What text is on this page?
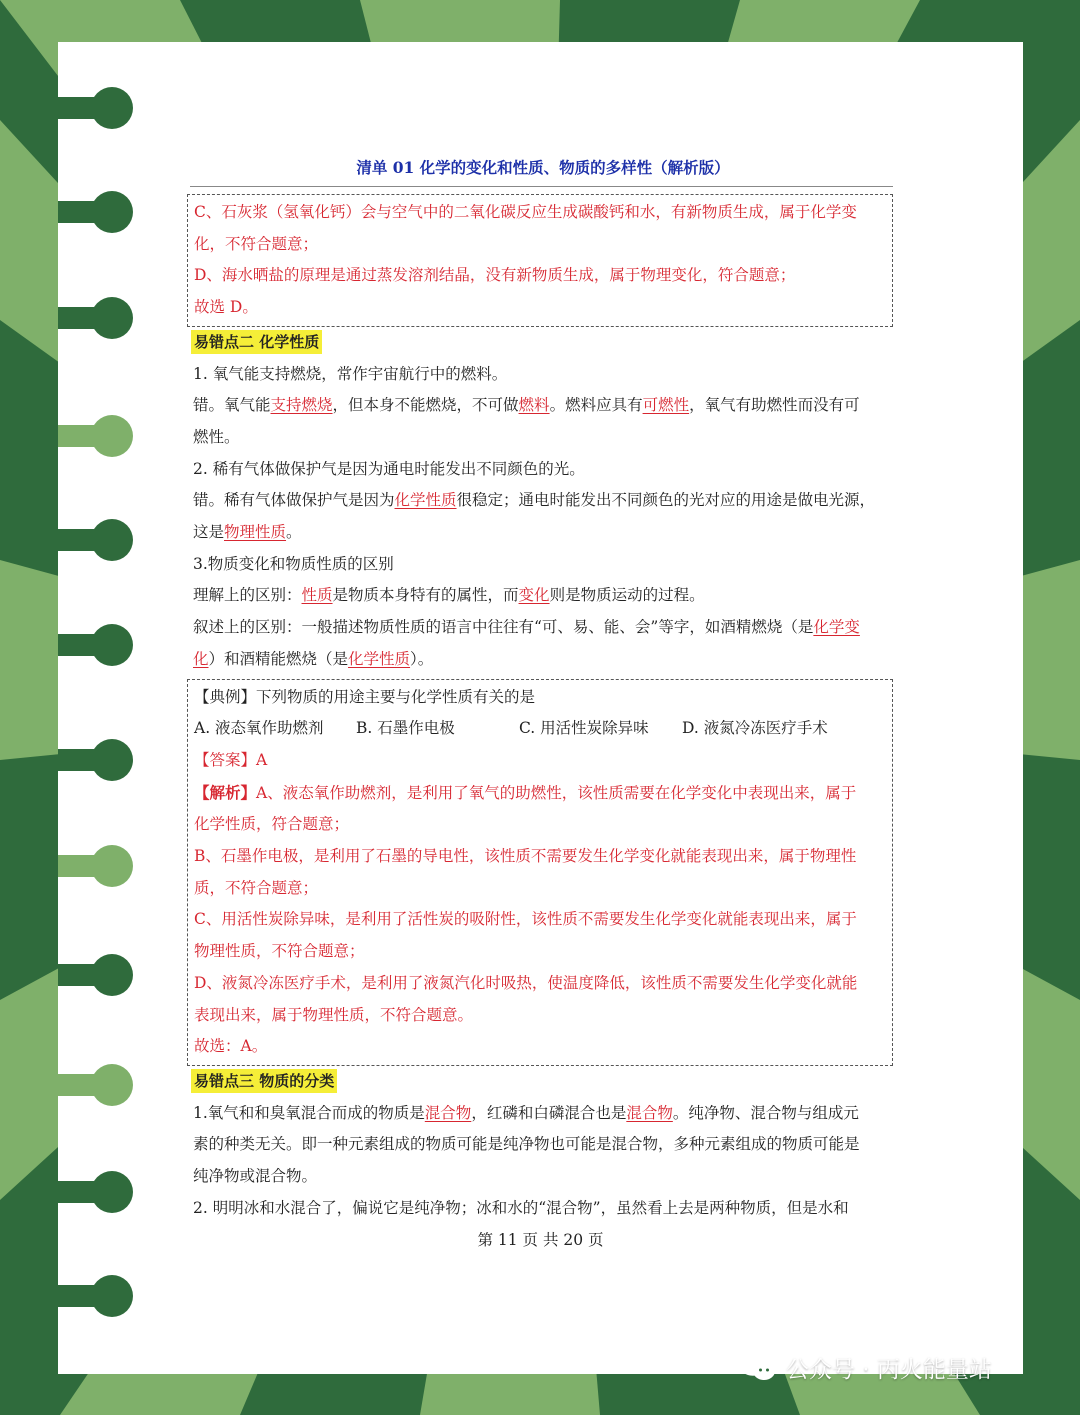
清单 01 化学的变化和性质、物质的多样性（解析版）

C、石灰浆（氢氧化钙）会与空气中的二氧化碳反应生成碳酸钙和水，有新物质生成，属于化学变

化，不符合题意；

D、海水晒盐的原理是通过蒸发溶剂结晶，没有新物质生成，属于物理变化，符合题意；

故选 D。

易错点二 化学性质

1. 氧气能支持燃烧，常作宇宙航行中的燃料。

错。氧气能支持燃烧，但本身不能燃烧，不可做燃料。燃料应具有可燃性，氧气有助燃性而没有可

燃性。

2. 稀有气体做保护气是因为通电时能发出不同颜色的光。

错。稀有气体做保护气是因为化学性质很稳定；通电时能发出不同颜色的光对应的用途是做电光源，

这是物理性质。

3.物质变化和物质性质的区别

理解上的区别：性质是物质本身特有的属性，而变化则是物质运动的过程。

叙述上的区别：一般描述物质性质的语言中往往有“可、易、能、会”等字，如酒精燃烧（是化学变

化）和酒精能燃烧（是化学性质）。

【典例】下列物质的用途主要与化学性质有关的是

A. 液态氧作助燃剂 B. 石墨作电极	C. 用活性炭除异味 D. 液氮冷冻医疗手术

【答案】A

【解析】A、液态氧作助燃剂，是利用了氧气的助燃性，该性质需要在化学变化中表现出来，属于

化学性质，符合题意；

B、石墨作电极，是利用了石墨的导电性，该性质不需要发生化学变化就能表现出来，属于物理性

质，不符合题意；

C、用活性炭除异味，是利用了活性炭的吸附性，该性质不需要发生化学变化就能表现出来，属于

物理性质，不符合题意；

D、液氮冷冻医疗手术，是利用了液氮汽化时吸热，使温度降低，该性质不需要发生化学变化就能

表现出来，属于物理性质，不符合题意。

故选：A。

易错点三 物质的分类

1.氧气和和臭氧混合而成的物质是混合物，红磷和白磷混合也是混合物。纯净物、混合物与组成元

素的种类无关。即一种元素组成的物质可能是纯净物也可能是混合物，多种元素组成的物质可能是

纯净物或混合物。

2. 明明冰和水混合了，偏说它是纯净物；冰和水的“混合物”，虽然看上去是两种物质，但是水和

第 11 页 共 20 页
公众号 · 丙火能量站
